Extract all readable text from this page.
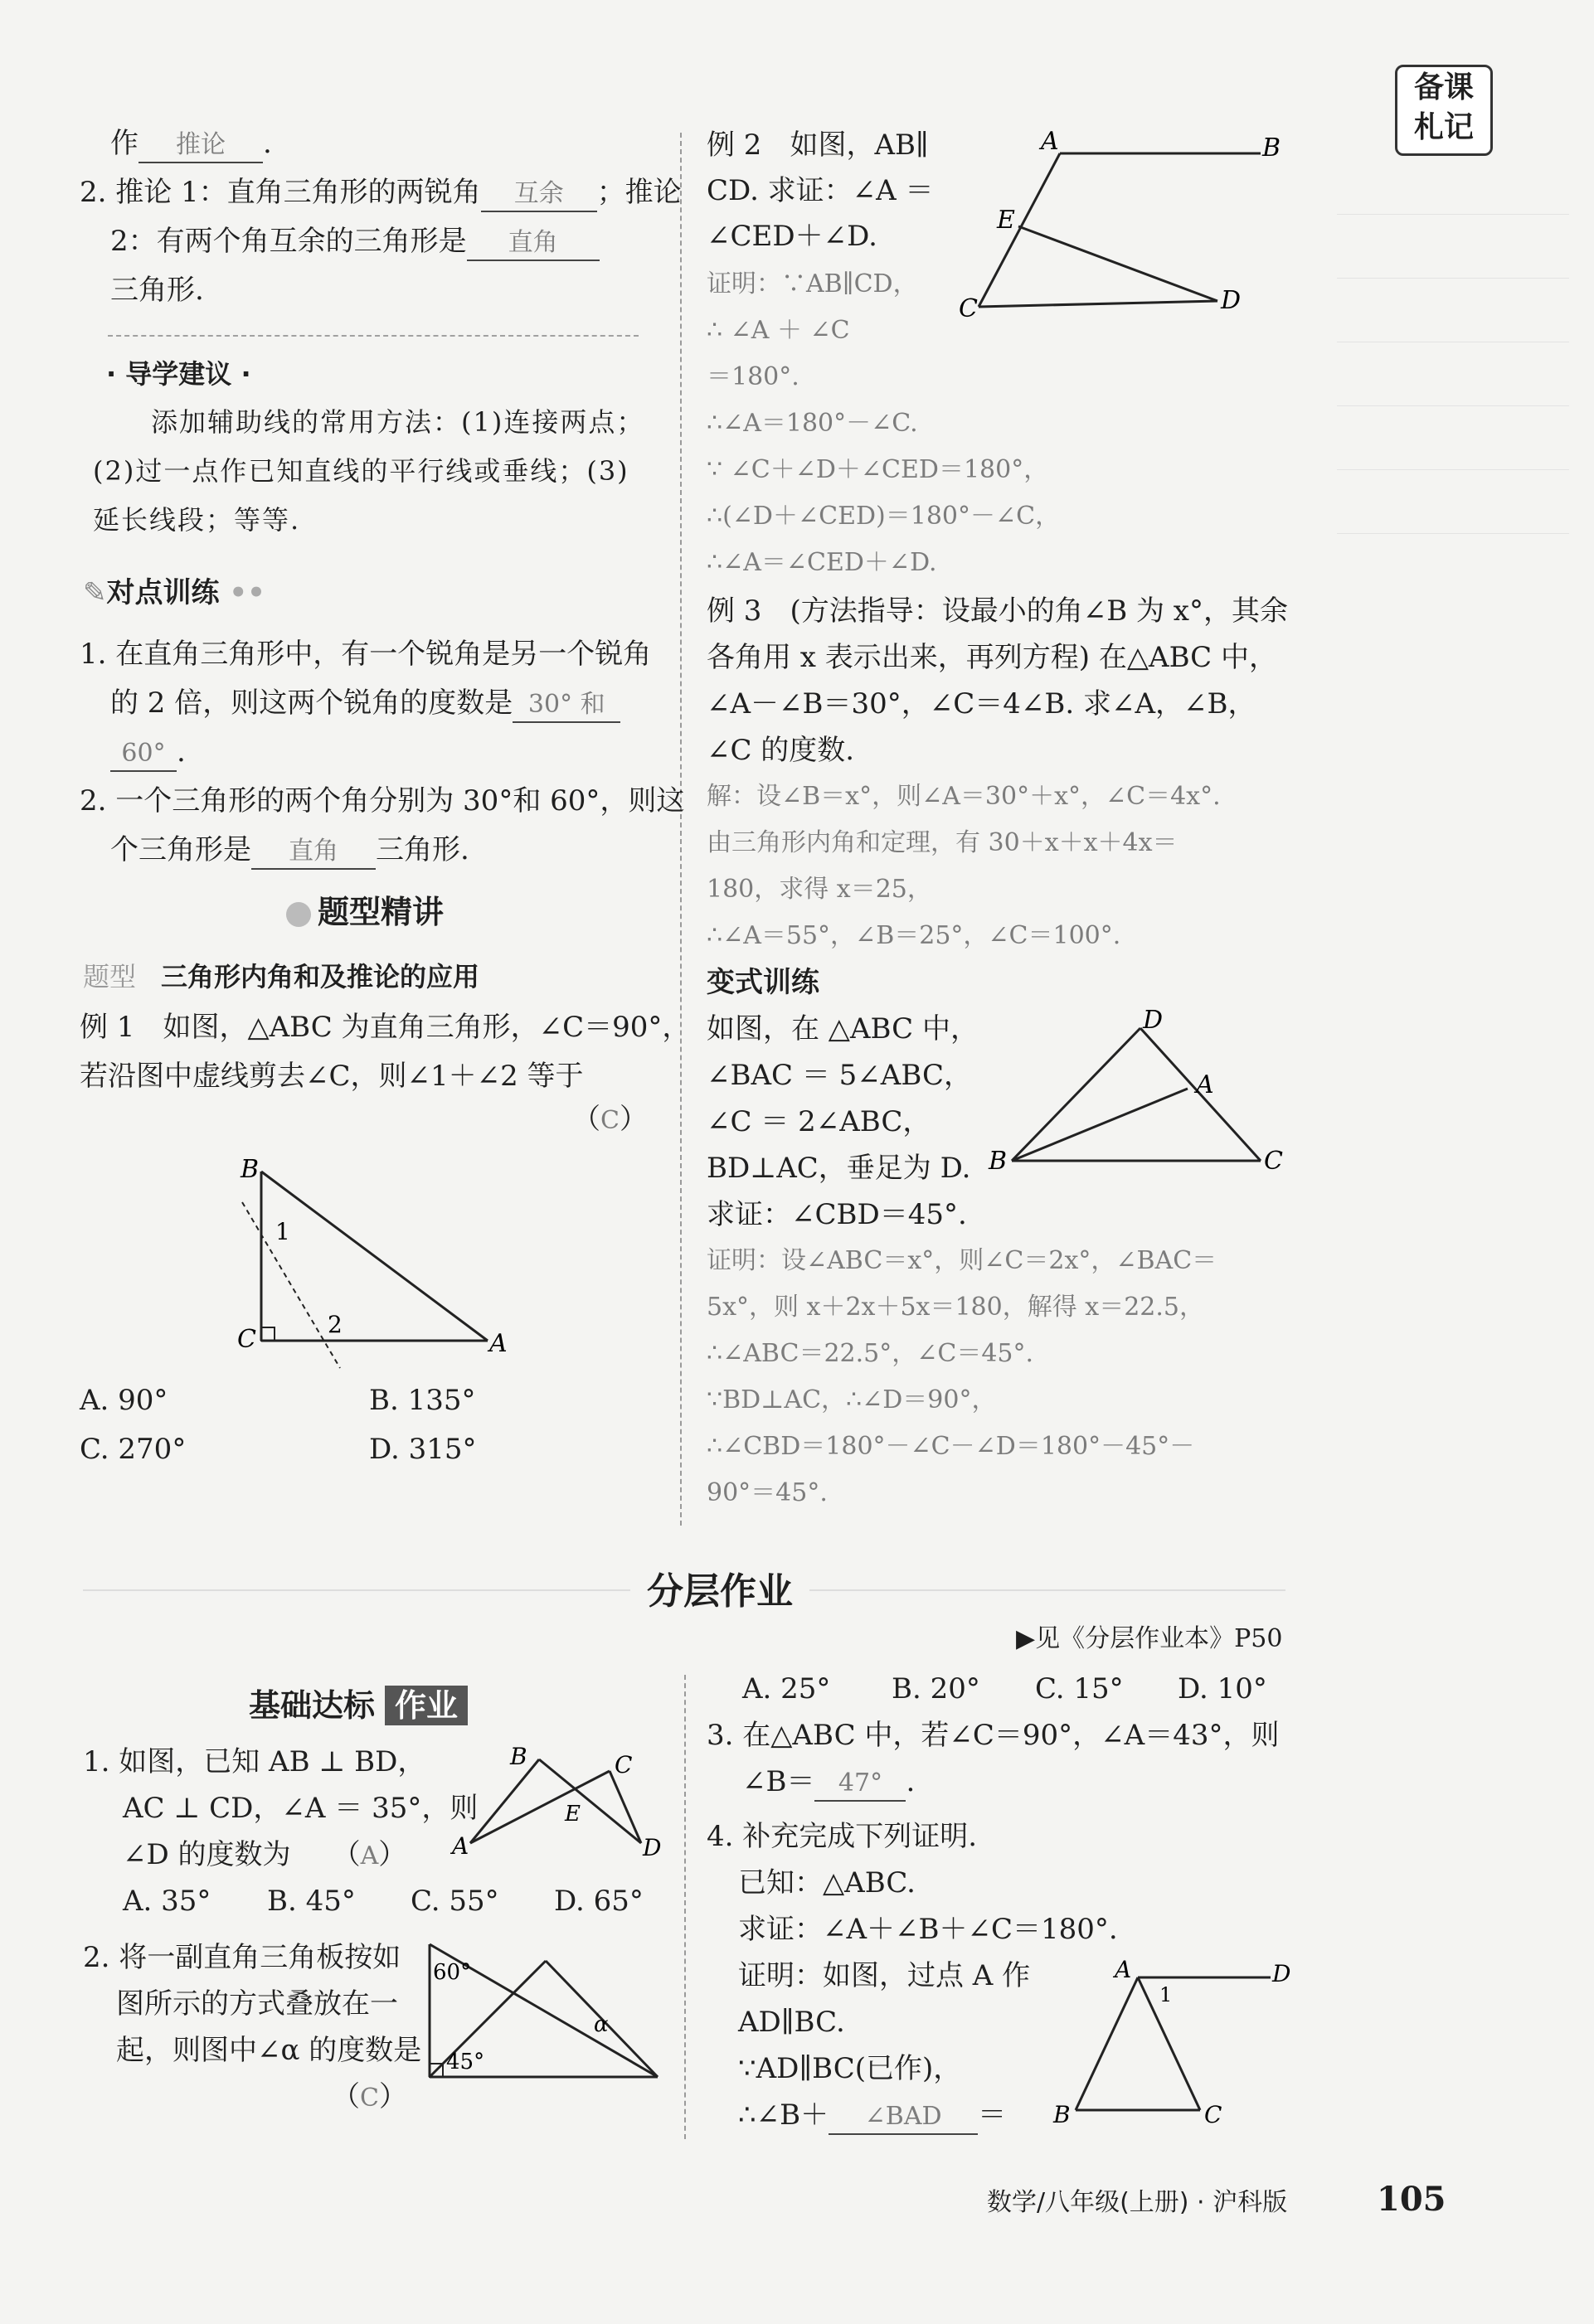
备课
札记
作 推论 .
2. 推论 1：直角三角形的两锐角 互余 ；推论
2：有两个角互余的三角形是 直角
三角形.
· 导学建议 ·
添加辅助线的常用方法：(1)连接两点；
(2)过一点作已知直线的平行线或垂线；(3)
延长线段；等等.
✎对点训练 ••
1. 在直角三角形中，有一个锐角是另一个锐角
的 2 倍，则这两个锐角的度数是 30° 和
60° .
2. 一个三角形的两个角分别为 30°和 60°，则这
个三角形是 直角 三角形.
题型精讲
题型 三角形内角和及推论的应用
例 1　如图，△ABC 为直角三角形，∠C＝90°，
若沿图中虚线剪去∠C，则∠1＋∠2 等于
（C）
B
C	A
1
2
A. 90°	B. 135°
C. 270°	D. 315°
例 2　如图，AB∥
CD. 求证：∠A ＝
∠CED＋∠D.
A	B
E
C	D
证明：∵AB∥CD，
∴ ∠A ＋ ∠C
＝180°.
∴∠A＝180°－∠C.
∵ ∠C＋∠D＋∠CED＝180°，
∴(∠D＋∠CED)＝180°－∠C，
∴∠A＝∠CED＋∠D.
例 3　(方法指导：设最小的角∠B 为 x°，其余
各角用 x 表示出来，再列方程) 在△ABC 中，
∠A－∠B＝30°，∠C＝4∠B. 求∠A，∠B，
∠C 的度数.
解：设∠B＝x°，则∠A＝30°＋x°，∠C＝4x°.
由三角形内角和定理，有 30＋x＋x＋4x＝
180，求得 x＝25，
∴∠A＝55°，∠B＝25°，∠C＝100°.
变式训练
如图，在 △ABC 中，
∠BAC ＝ 5∠ABC，
∠C ＝ 2∠ABC，
BD⊥AC，垂足为 D.
求证：∠CBD＝45°.
D
A
B	C
证明：设∠ABC＝x°，则∠C＝2x°，∠BAC＝
5x°，则 x＋2x＋5x＝180，解得 x＝22.5，
∴∠ABC＝22.5°，∠C＝45°.
∵BD⊥AC，∴∠D＝90°，
∴∠CBD＝180°－∠C－∠D＝180°－45°－
90°＝45°.
分层作业
▶见《分层作业本》P50
基础达标 作业
1. 如图，已知 AB ⊥ BD，
AC ⊥ CD，∠A ＝ 35°，则
∠D 的度数为 （A）
A. 35° B. 45° C. 55° D. 65°
B	C
E
A	D
2. 将一副直角三角板按如
图所示的方式叠放在一
起，则图中∠α 的度数是
（C）
60°
45°
α
A. 25° B. 20° C. 15° D. 10°
3. 在△ABC 中，若∠C＝90°，∠A＝43°，则
∠B＝ 47° .
4. 补充完成下列证明.
已知：△ABC.
求证：∠A＋∠B＋∠C＝180°.
证明：如图，过点 A 作
AD∥BC.
∵AD∥BC(已作)，
∴∠B＋ ∠BAD ＝
A	D
1
B	C
数学/八年级(上册) · 沪科版	105
